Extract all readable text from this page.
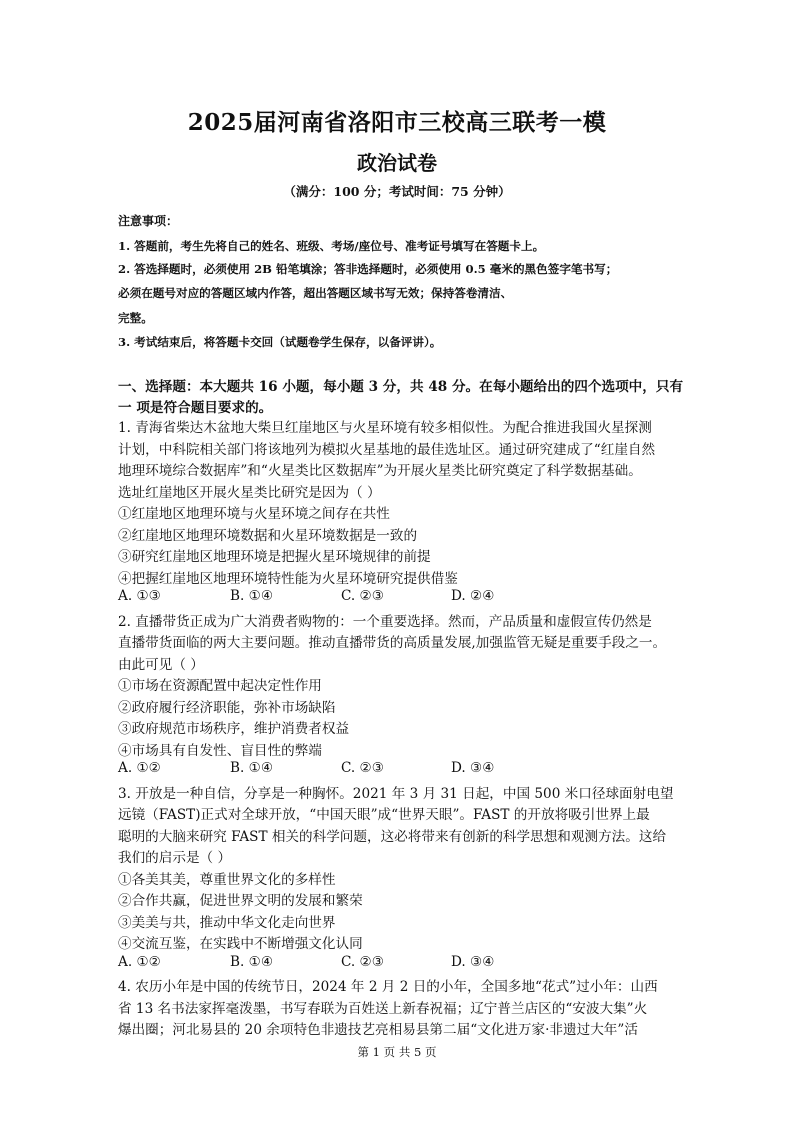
2025届河南省洛阳市三校高三联考一模
政治试卷
（满分：100 分；考试时间：75 分钟）
注意事项：
1. 答题前，考生先将自己的姓名、班级、考场/座位号、准考证号填写在答题卡上。
2. 答选择题时，必须使用 2B 铅笔填涂；答非选择题时，必须使用 0.5 毫米的黑色签字笔书写；
必须在题号对应的答题区域内作答，超出答题区域书写无效；保持答卷清洁、
完整。
3. 考试结束后，将答题卡交回（试题卷学生保存，以备评讲）。
一、选择题：本大题共 16 小题，每小题 3 分，共 48 分。在每小题给出的四个选项中，只有
一 项是符合题目要求的。
1. 青海省柴达木盆地大柴旦红崖地区与火星环境有较多相似性。为配合推进我国火星探测
计划，中科院相关部门将该地列为模拟火星基地的最佳选址区。通过研究建成了“红崖自然
地理环境综合数据库”和“火星类比区数据库”为开展火星类比研究奠定了科学数据基础。
选址红崖地区开展火星类比研究是因为（ ）
①红崖地区地理环境与火星环境之间存在共性
②红崖地区地理环境数据和火星环境数据是一致的
③研究红崖地区地理环境是把握火星环境规律的前提
④把握红崖地区地理环境特性能为火星环境研究提供借鉴
A. ①③	B. ①④	C. ②③	D. ②④
2. 直播带货正成为广大消费者购物的：一个重要选择。然而，产品质量和虚假宣传仍然是
直播带货面临的两大主要问题。推动直播带货的高质量发展,加强监管无疑是重要手段之一。
由此可见（ ）
①市场在资源配置中起决定性作用
②政府履行经济职能，弥补市场缺陷
③政府规范市场秩序，维护消费者权益
④市场具有自发性、盲目性的弊端
A. ①②	B. ①④	C. ②③	D. ③④
3. 开放是一种自信，分享是一种胸怀。2021 年 3 月 31 日起，中国 500 米口径球面射电望
远镜（FAST)正式对全球开放，“中国天眼”成“世界天眼”。FAST 的开放将吸引世界上最
聪明的大脑来研究 FAST 相关的科学问题，这必将带来有创新的科学思想和观测方法。这给
我们的启示是（ ）
①各美其美，尊重世界文化的多样性
②合作共赢，促进世界文明的发展和繁荣
③美美与共，推动中华文化走向世界
④交流互鉴，在实践中不断增强文化认同
A. ①②	B. ①④	C. ②③	D. ③④
4. 农历小年是中国的传统节日，2024 年 2 月 2 日的小年，全国多地“花式”过小年：山西
省 13 名书法家挥毫泼墨，书写春联为百姓送上新春祝福；辽宁普兰店区的“安波大集”火
爆出圈；河北易县的 20 余项特色非遗技艺亮相易县第二届“文化进万家·非遗过大年”活
第 1 页 共 5 页
